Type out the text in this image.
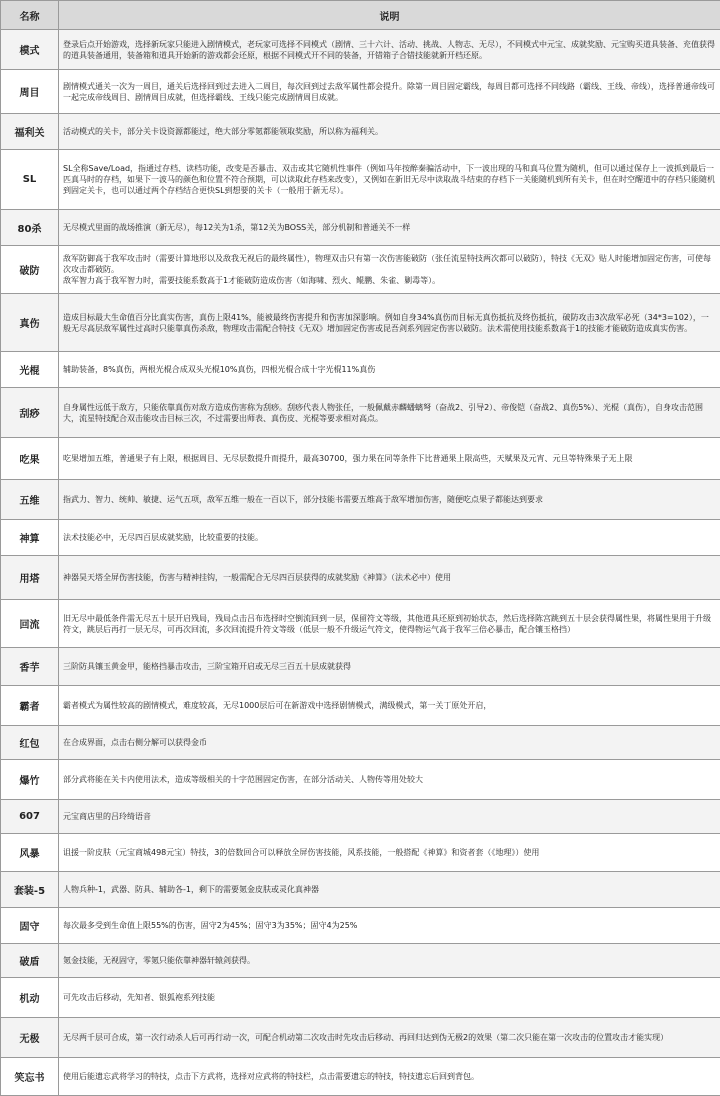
名称	说明
模式	登录后点开始游戏，选择新玩家只能进入剧情模式，老玩家可选择不同模式（剧情、三十六计、活动、挑战、人物志、无尽），不同模式中元宝、成就奖励、元宝购买道具装备、充值获得的道具装备通用，装备箱和道具开始新的游戏都会还原，根据不同模式开不同的装备，开错箱子合错技能就新开档还原。
周目	剧情模式通关一次为一周目，通关后选择回到过去进入二周目，每次回到过去敌军属性都会提升。除第一周目固定霸线，每周目都可选择不同线路（霸线、王线、帝线），选择普通帝线可一起完成帝线周目、剧情周目成就，但选择霸线、王线只能完成剧情周目成就。
福利关	活动模式的关卡，部分关卡设资源都能过，绝大部分零氪都能领取奖励，所以称为福利关。
SL	SL全称Save/Load，指通过存档、读档功能，改变是否暴击、双击或其它随机性事件（例如马年按醉秦骗活动中，下一波出现的马和真马位置为随机，但可以通过保存上一波抓到最后一匹真马时的存档，如果下一波马的颜色和位置不符合预期，可以读取此存档来改变），又例如在新旧无尽中读取战斗结束的存档下一关能随机到所有关卡，但在时空醒道中的存档只能随机到固定关卡，也可以通过两个存档结合更快SL到想要的关卡（一般用于新无尽）。
80杀	无尽模式里面的战场推演（新无尽），每12关为1杀，第12关为BOSS关，部分机制和普通关不一样
破防	敌军防御高于我军攻击时（需要计算地形以及敌我无视后的最终属性），物理双击只有第一次伤害能破防（张任流星特技两次都可以破防），特技《无双》贴人时能增加固定伤害，可使每次攻击都破防。
敌军智力高于我军智力时，需要技能系数高于1才能破防造成伤害（如海啸、烈火、鲲鹏、朱雀、剿毒等）。
真伤	造成目标最大生命值百分比真实伤害，真伤上限41%，能被最终伤害提升和伤害加深影响。例如自身34%真伤而目标无真伤抵抗及终伤抵抗，破防攻击3次敌军必死（34*3=102），一般无尽高层敌军属性过高时只能靠真伤杀敌，物理攻击需配合特技《无双》增加固定伤害或昆吾剑系列固定伤害以破防。法术需使用技能系数高于1的技能才能破防造成真实伤害。
光棍	辅助装备，8%真伤，两根光棍合成双头光棍10%真伤，四根光棍合成十字光棍11%真伤
刮痧	自身属性远低于敌方，只能依靠真伤对敌方造成伤害称为刮痧。刮痧代表人物张任，一般佩戴赤麟蟠螭弩（奋战2、引导2）、帝俊铠（奋战2、真伤5%）、光棍（真伤），自身攻击范围大，流星特技配合双击能攻击目标三次，不过需要出师表、真伤皮、光棍等要求相对高点。
吃果	吃果增加五维，普通果子有上限，根据周目、无尽层数提升而提升，最高30700，强力果在同等条件下比普通果上限高些，天赋果及元宵、元旦等特殊果子无上限
五维	指武力、智力、统帅、敏捷、运气五项，敌军五维一般在一百以下，部分技能书需要五维高于敌军增加伤害，随便吃点果子都能达到要求
神算	法术技能必中，无尽四百层成就奖励，比较重要的技能。
用塔	神器昊天塔全屏伤害技能，伤害与精神挂钩，一般需配合无尽四百层获得的成就奖励《神算》（法术必中）使用
回流	旧无尽中最低条件需无尽五十层开启残局，残局点击吕布选择时空倒流回到一层，保留符文等级，其他道具还原到初始状态，然后选择陈宫跳到五十层会获得属性果，将属性果用于升级符文，跳层后再打一层无尽，可再次回流，多次回流提升符文等级（低层一般不升级运气符文，使得物运气高于我军三倍必暴击，配合镶玉格挡）
香芋	三阶防具镶玉黄金甲，能格挡暴击攻击，三阶宝箱开启或无尽三百五十层成就获得
霸者	霸者模式为属性较高的剧情模式，难度较高，无尽1000层后可在新游戏中选择剧情模式，满级模式，第一关丁原处开启，
红包	在合成界面，点击右侧分解可以获得金币
爆竹	部分武将能在关卡内使用法术，造成等级相关的十字范围固定伤害，在部分活动关、人物传等用处较大
607	元宝商店里的吕玲绮语音
风暴	诅援一阶皮肤（元宝商城498元宝）特技，3的倍数回合可以释放全屏伤害技能，风系技能，一般搭配《神算》和资者套（《地理》）使用
套装-5	人物兵种-1，武器、防具、辅助各-1，剩下的需要氪金皮肤或灵化真神器
固守	每次最多受到生命值上限55%的伤害，固守2为45%；固守3为35%；固守4为25%
破盾	氪金技能，无视固守，零氪只能依靠神器轩辕剑获得。
机动	可先攻击后移动，先知者、银狐袍系列技能
无极	无尽两千层可合成，第一次行动杀人后可再行动一次，可配合机动第二次攻击时先攻击后移动、再回归达到伪无极2的效果（第二次只能在第一次攻击的位置攻击才能实现）
笑忘书	使用后能遗忘武将学习的特技，点击下方武将，选择对应武将的特技栏，点击需要遗忘的特技，特技遗忘后回到背包。
